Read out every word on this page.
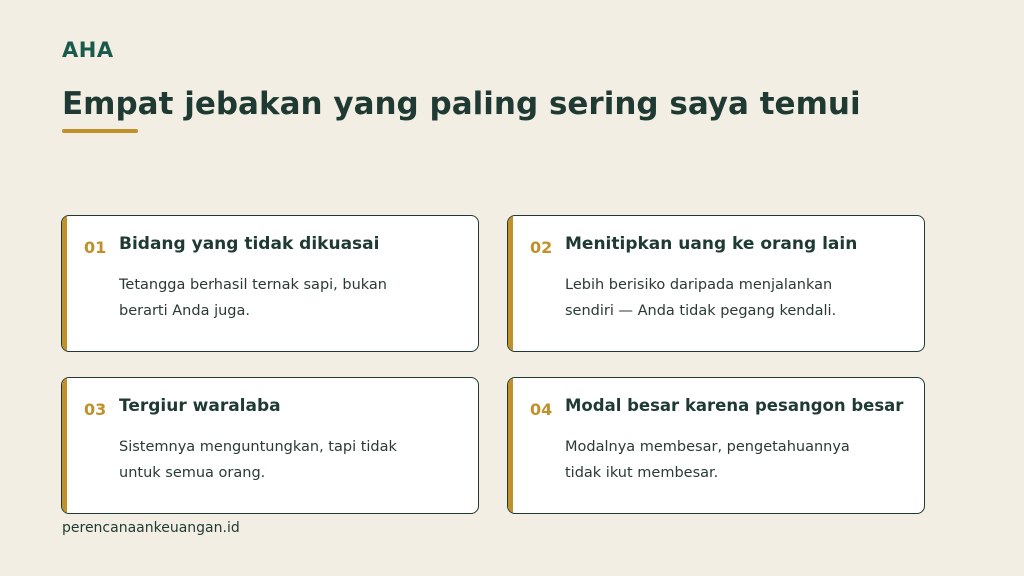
AHA
Empat jebakan yang paling sering saya temui
01 Bidang yang tidak dikuasai
Tetangga berhasil ternak sapi, bukan
berarti Anda juga.
02 Menitipkan uang ke orang lain
Lebih berisiko daripada menjalankan
sendiri — Anda tidak pegang kendali.
03 Tergiur waralaba
Sistemnya menguntungkan, tapi tidak
untuk semua orang.
04 Modal besar karena pesangon besar
Modalnya membesar, pengetahuannya
tidak ikut membesar.
perencanaankeuangan.id
